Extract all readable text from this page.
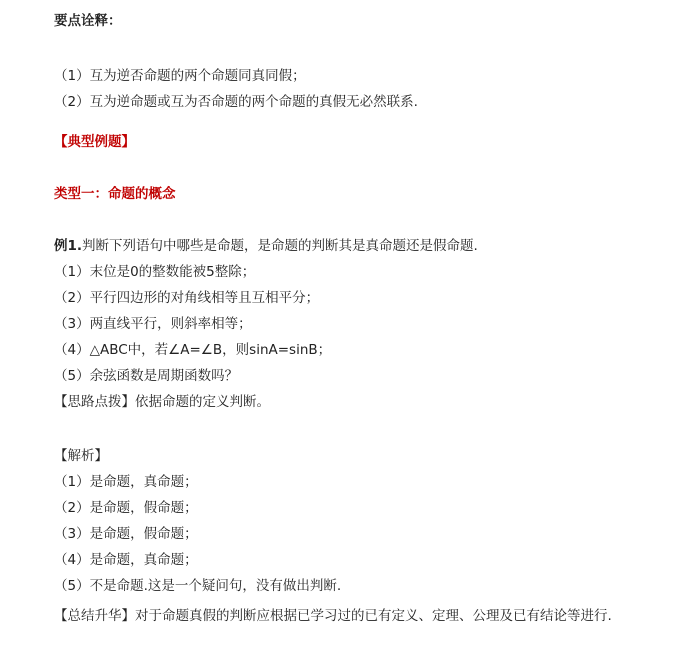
要点诠释：
（1）互为逆否命题的两个命题同真同假；
（2）互为逆命题或互为否命题的两个命题的真假无必然联系.
【典型例题】
类型一：命题的概念
例1.判断下列语句中哪些是命题，是命题的判断其是真命题还是假命题.
（1）末位是0的整数能被5整除；
（2）平行四边形的对角线相等且互相平分；
（3）两直线平行，则斜率相等；
（4）△ABC中，若∠A=∠B，则sinA=sinB；
（5）余弦函数是周期函数吗？
【思路点拨】依据命题的定义判断。
【解析】
（1）是命题，真命题；
（2）是命题，假命题；
（3）是命题，假命题；
（4）是命题，真命题；
（5）不是命题.这是一个疑问句，没有做出判断.
【总结升华】对于命题真假的判断应根据已学习过的已有定义、定理、公理及已有结论等进行.
